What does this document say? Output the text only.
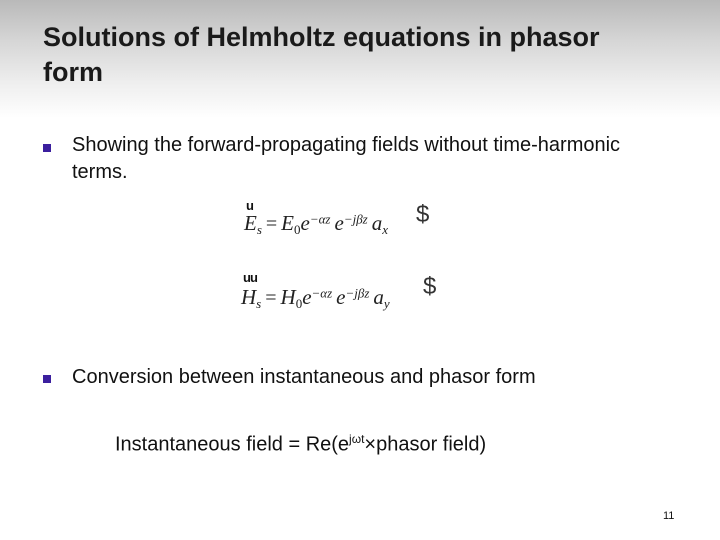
Solutions of Helmholtz equations in phasor form
Showing the forward-propagating fields without time-harmonic terms.
u	$
$E_s = E_0e^{-\alpha z}$ $e^{-j\beta z}$ $a_x$
uu	$
$H_s = H_0e^{-\alpha z}$ $e^{-j\beta z}$ $a_y$
Conversion between instantaneous and phasor form
Instantaneous field = $Re(e^{j\omega t}\times phasor$ field)
11
